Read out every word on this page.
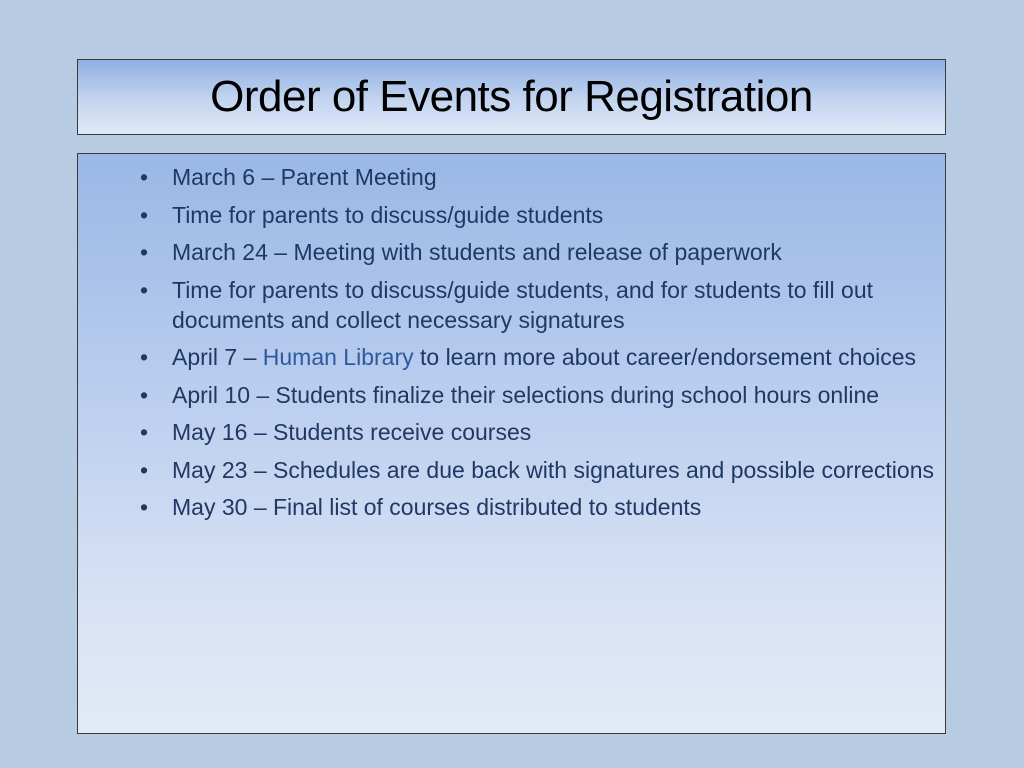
Order of Events for Registration
• March 6 – Parent Meeting
• Time for parents to discuss/guide students
• March 24 – Meeting with students and release of paperwork
• Time for parents to discuss/guide students, and for students to fill out documents and collect necessary signatures
• April 7 – Human Library to learn more about career/endorsement choices
• April 10 – Students finalize their selections during school hours online
• May 16 – Students receive courses
• May 23 – Schedules are due back with signatures and possible corrections
• May 30 – Final list of courses distributed to students
